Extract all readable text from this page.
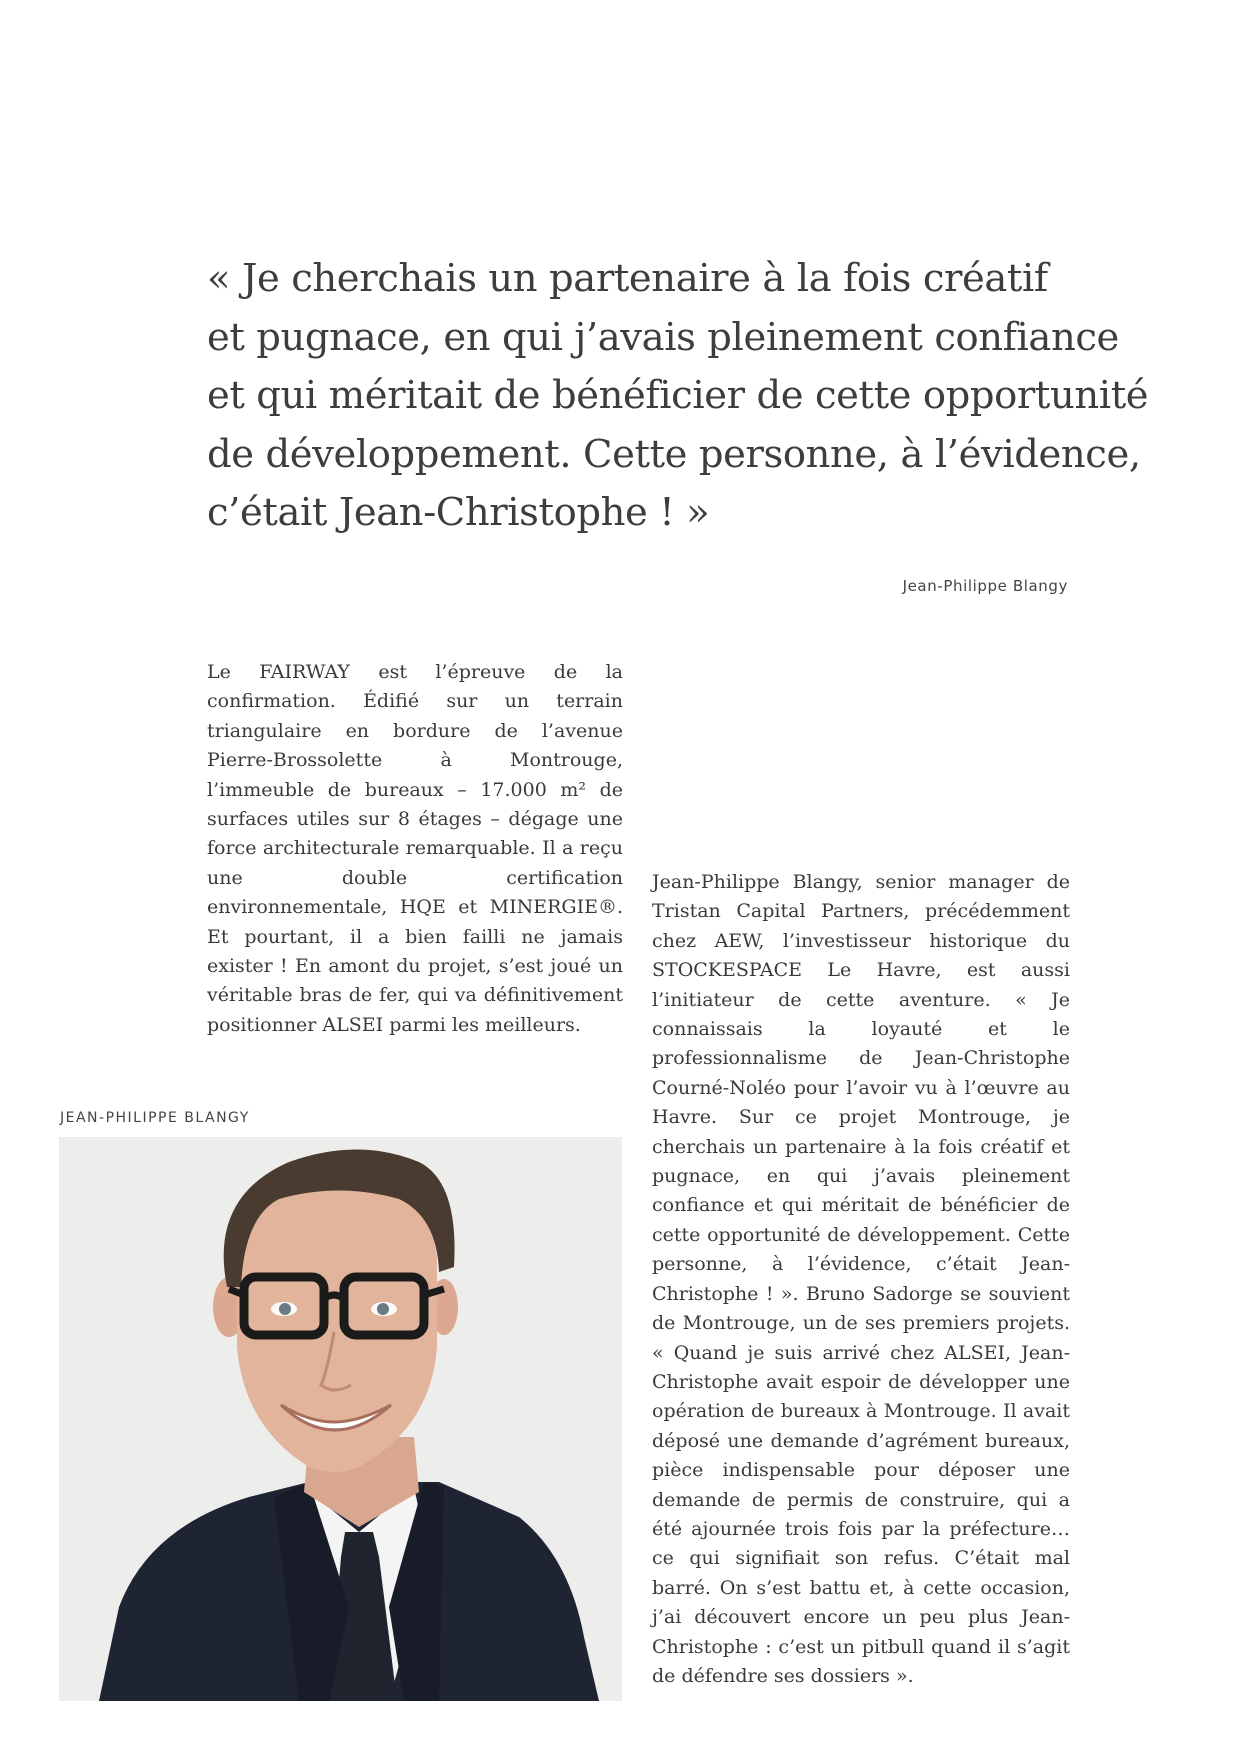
« Je cherchais un partenaire à la fois créatif
et pugnace, en qui j’avais pleinement confiance
et qui méritait de bénéficier de cette opportunité
de développement. Cette personne, à l’évidence,
c’était Jean-Christophe ! »
Jean-Philippe Blangy

Le FAIRWAY est l’épreuve de la confirmation. Édifié sur un terrain triangulaire en bordure de l’avenue Pierre-Brossolette à Montrouge, l’immeuble de bureaux – 17.000 m² de surfaces utiles sur 8 étages – dégage une force architecturale remarquable. Il a reçu une double certification environnementale, HQE et MINERGIE®. Et pourtant, il a bien failli ne jamais exister ! En amont du projet, s’est joué un véritable bras de fer, qui va définitivement positionner ALSEI parmi les meilleurs.

JEAN-PHILIPPE BLANGY

Jean-Philippe Blangy, senior manager de Tristan Capital Partners, précédemment chez AEW, l’investisseur historique du STOCKESPACE Le Havre, est aussi l’initiateur de cette aventure. « Je connaissais la loyauté et le professionnalisme de Jean-Christophe Courné-Noléo pour l’avoir vu à l’œuvre au Havre. Sur ce projet Montrouge, je cherchais un partenaire à la fois créatif et pugnace, en qui j’avais pleinement confiance et qui méritait de bénéficier de cette opportunité de développement. Cette personne, à l’évidence, c’était Jean-Christophe ! ». Bruno Sadorge se souvient de Montrouge, un de ses premiers projets. « Quand je suis arrivé chez ALSEI, Jean-Christophe avait espoir de développer une opération de bureaux à Montrouge. Il avait déposé une demande d’agrément bureaux, pièce indispensable pour déposer une demande de permis de construire, qui a été ajournée trois fois par la préfecture… ce qui signifiait son refus. C’était mal barré. On s’est battu et, à cette occasion, j’ai découvert encore un peu plus Jean-Christophe : c’est un pitbull quand il s’agit de défendre ses dossiers ».
